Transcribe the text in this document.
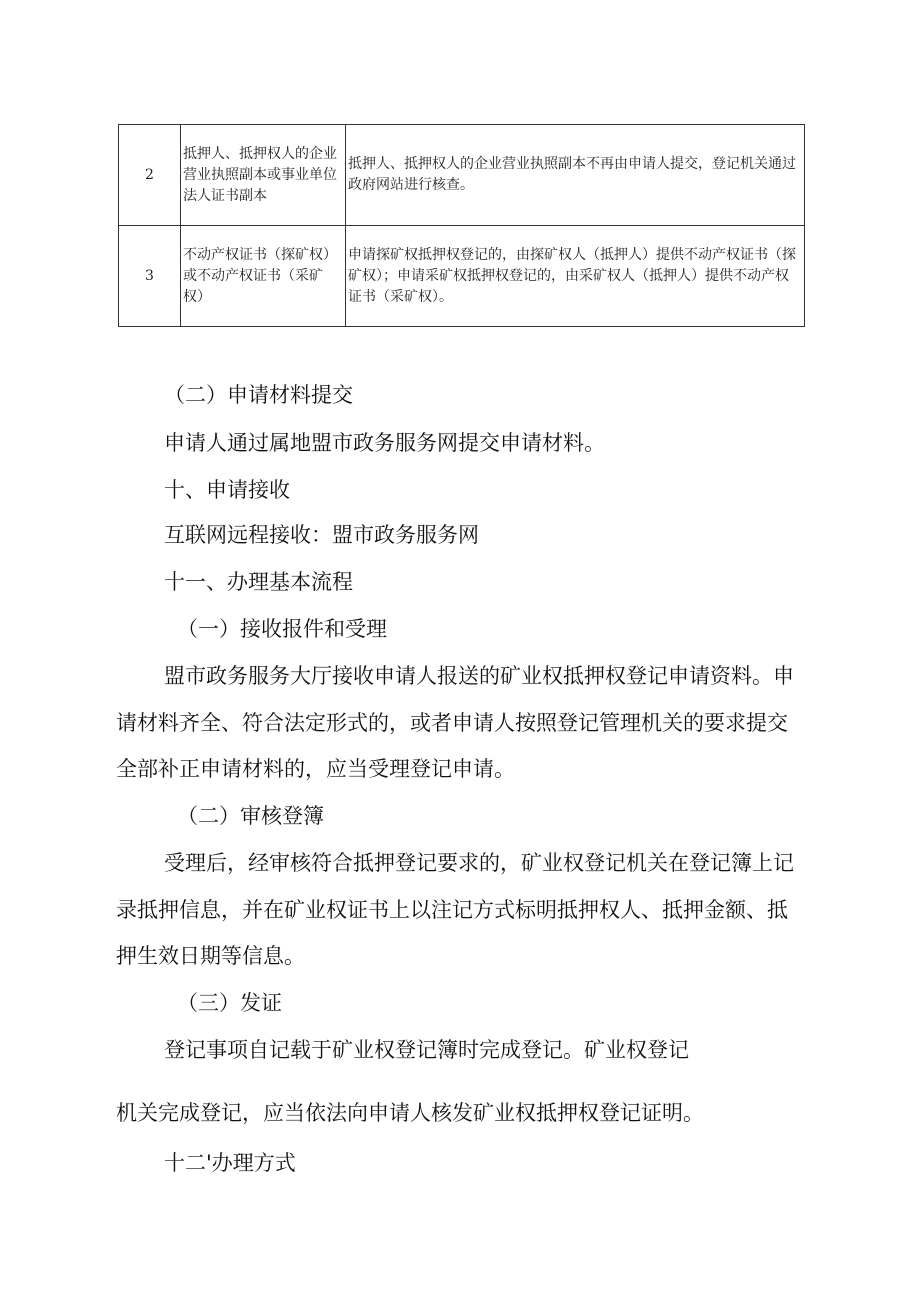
2	抵押人、抵押权人的企业营业执照副本或事业单位法人证书副本	抵押人、抵押权人的企业营业执照副本不再由申请人提交，登记机关通过政府网站进行核查。
3	不动产权证书（探矿权）或不动产权证书（采矿权）	申请探矿权抵押权登记的，由探矿权人（抵押人）提供不动产权证书（探矿权）；申请采矿权抵押权登记的，由采矿权人（抵押人）提供不动产权证书（采矿权）。
（二）申请材料提交
申请人通过属地盟市政务服务网提交申请材料。
十、申请接收
互联网远程接收：盟市政务服务网
十一、办理基本流程
（一）接收报件和受理
盟市政务服务大厅接收申请人报送的矿业权抵押权登记申请资料。申
请材料齐全、符合法定形式的，或者申请人按照登记管理机关的要求提交
全部补正申请材料的，应当受理登记申请。
（二）审核登簿
受理后，经审核符合抵押登记要求的，矿业权登记机关在登记簿上记
录抵押信息，并在矿业权证书上以注记方式标明抵押权人、抵押金额、抵
押生效日期等信息。
（三）发证
登记事项自记载于矿业权登记簿时完成登记。矿业权登记
机关完成登记，应当依法向申请人核发矿业权抵押权登记证明。
十二'办理方式
